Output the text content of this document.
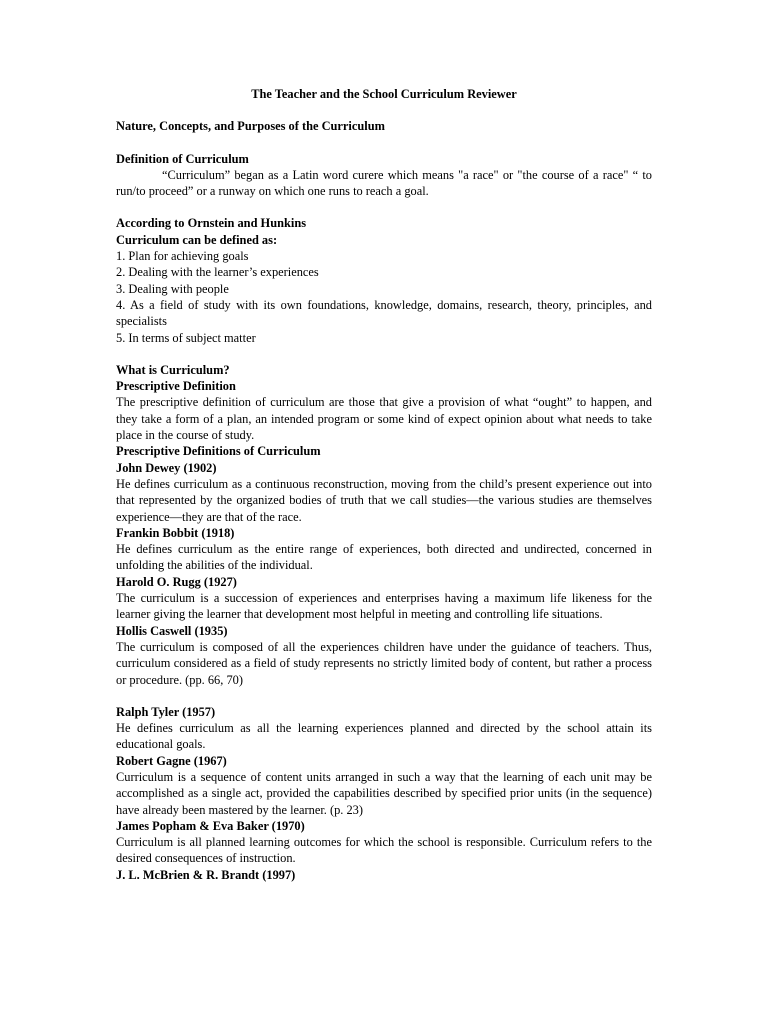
The Teacher and the School Curriculum Reviewer
Nature, Concepts, and Purposes of the Curriculum
Definition of Curriculum
“Curriculum” began as a Latin word curere which means "a race" or "the course of a race" “ to run/to proceed” or a runway on which one runs to reach a goal.
According to Ornstein and Hunkins
Curriculum can be defined as:
1. Plan for achieving goals
2. Dealing with the learner’s experiences
3. Dealing with people
4. As a field of study with its own foundations, knowledge, domains, research, theory, principles, and specialists
5. In terms of subject matter
What is Curriculum?
Prescriptive Definition
The prescriptive definition of curriculum are those that give a provision of what “ought” to happen, and they take a form of a plan, an intended program or some kind of expect opinion about what needs to take place in the course of study.
Prescriptive Definitions of Curriculum
John Dewey (1902)
He defines curriculum as a continuous reconstruction, moving from the child’s present experience out into that represented by the organized bodies of truth that we call studies—the various studies are themselves experience—they are that of the race.
Frankin Bobbit (1918)
He defines curriculum as the entire range of experiences, both directed and undirected, concerned in unfolding the abilities of the individual.
Harold O. Rugg (1927)
The curriculum is a succession of experiences and enterprises having a maximum life likeness for the learner giving the learner that development most helpful in meeting and controlling life situations.
Hollis Caswell (1935)
The curriculum is composed of all the experiences children have under the guidance of teachers. Thus, curriculum considered as a field of study represents no strictly limited body of content, but rather a process or procedure. (pp. 66, 70)
Ralph Tyler (1957)
He defines curriculum as all the learning experiences planned and directed by the school attain its educational goals.
Robert Gagne (1967)
Curriculum is a sequence of content units arranged in such a way that the learning of each unit may be accomplished as a single act, provided the capabilities described by specified prior units (in the sequence) have already been mastered by the learner. (p. 23)
James Popham & Eva Baker (1970)
Curriculum is all planned learning outcomes for which the school is responsible. Curriculum refers to the desired consequences of instruction.
J. L. McBrien & R. Brandt (1997)
